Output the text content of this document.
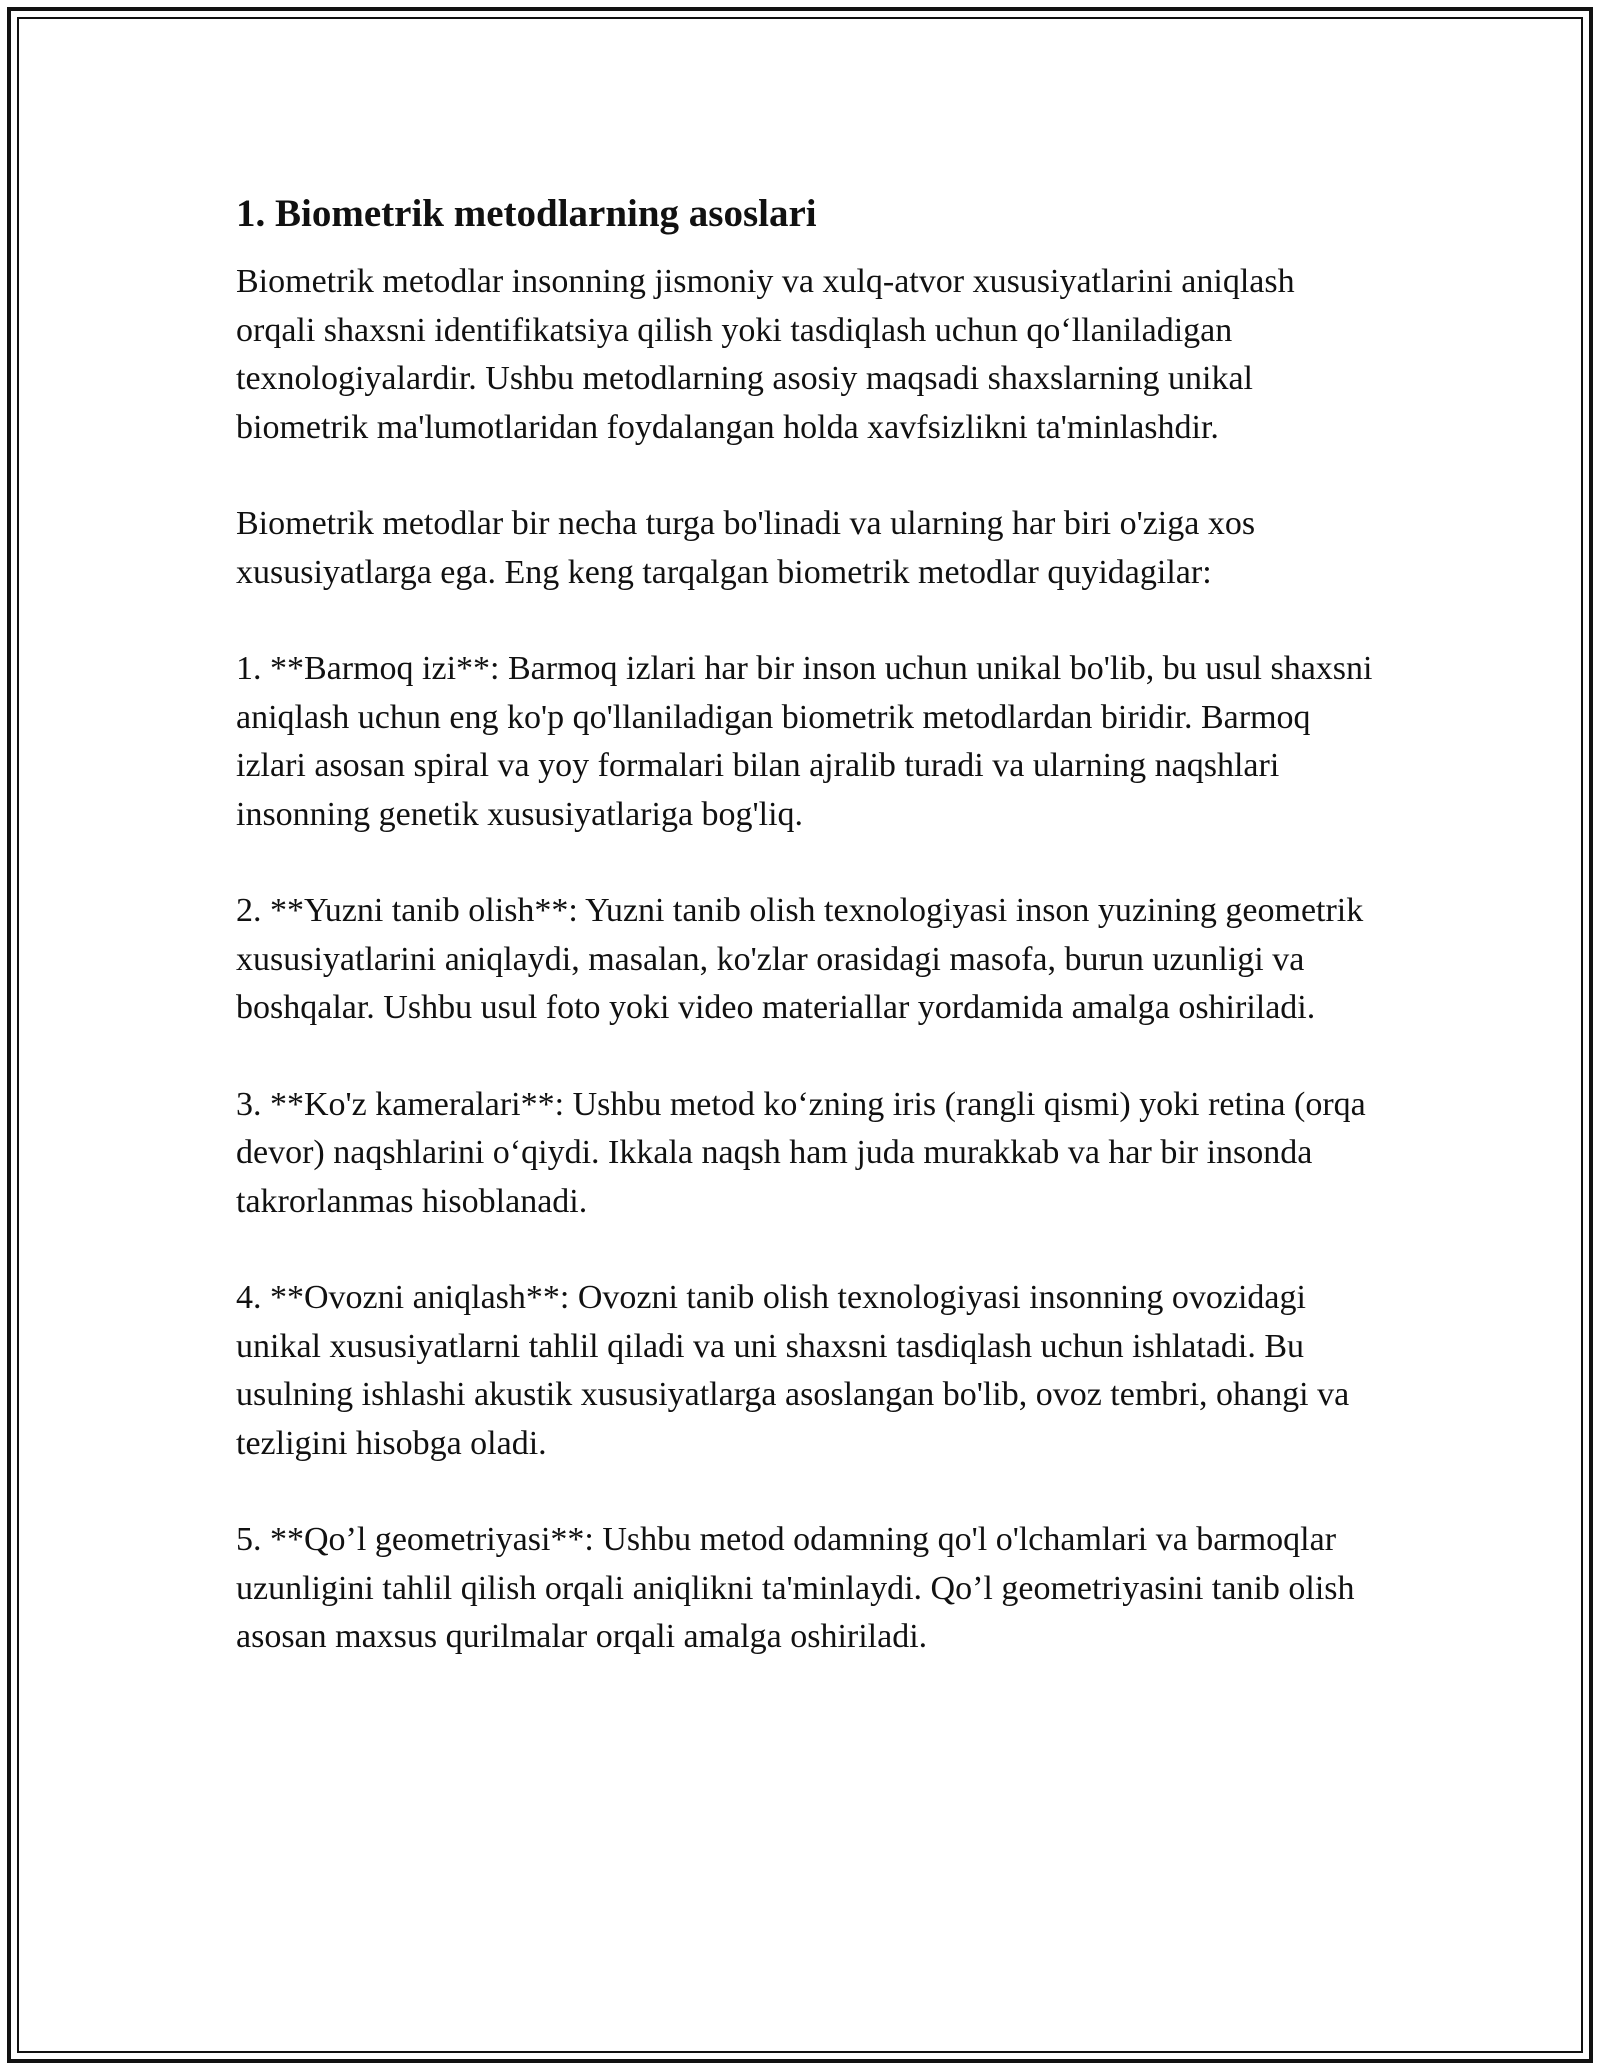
1. Biometrik metodlarning asoslari

Biometrik metodlar insonning jismoniy va xulq-atvor xususiyatlarini aniqlash orqali shaxsni identifikatsiya qilish yoki tasdiqlash uchun qo‘llaniladigan texnologiyalardir. Ushbu metodlarning asosiy maqsadi shaxslarning unikal biometrik ma'lumotlaridan foydalangan holda xavfsizlikni ta'minlashdir.

Biometrik metodlar bir necha turga bo'linadi va ularning har biri o'ziga xos xususiyatlarga ega. Eng keng tarqalgan biometrik metodlar quyidagilar:

1. **Barmoq izi**: Barmoq izlari har bir inson uchun unikal bo'lib, bu usul shaxsni aniqlash uchun eng ko'p qo'llaniladigan biometrik metodlardan biridir. Barmoq izlari asosan spiral va yoy formalari bilan ajralib turadi va ularning naqshlari insonning genetik xususiyatlariga bog'liq.

2. **Yuzni tanib olish**: Yuzni tanib olish texnologiyasi inson yuzining geometrik xususiyatlarini aniqlaydi, masalan, ko'zlar orasidagi masofa, burun uzunligi va boshqalar. Ushbu usul foto yoki video materiallar yordamida amalga oshiriladi.

3. **Ko'z kameralari**: Ushbu metod ko‘zning iris (rangli qismi) yoki retina (orqa devor) naqshlarini o‘qiydi. Ikkala naqsh ham juda murakkab va har bir insonda takrorlanmas hisoblanadi.

4. **Ovozni aniqlash**: Ovozni tanib olish texnologiyasi insonning ovozidagi unikal xususiyatlarni tahlil qiladi va uni shaxsni tasdiqlash uchun ishlatadi. Bu usulning ishlashi akustik xususiyatlarga asoslangan bo'lib, ovoz tembri, ohangi va tezligini hisobga oladi.

5. **Qo’l geometriyasi**: Ushbu metod odamning qo'l o'lchamlari va barmoqlar uzunligini tahlil qilish orqali aniqlikni ta'minlaydi. Qo’l geometriyasini tanib olish asosan maxsus qurilmalar orqali amalga oshiriladi.
